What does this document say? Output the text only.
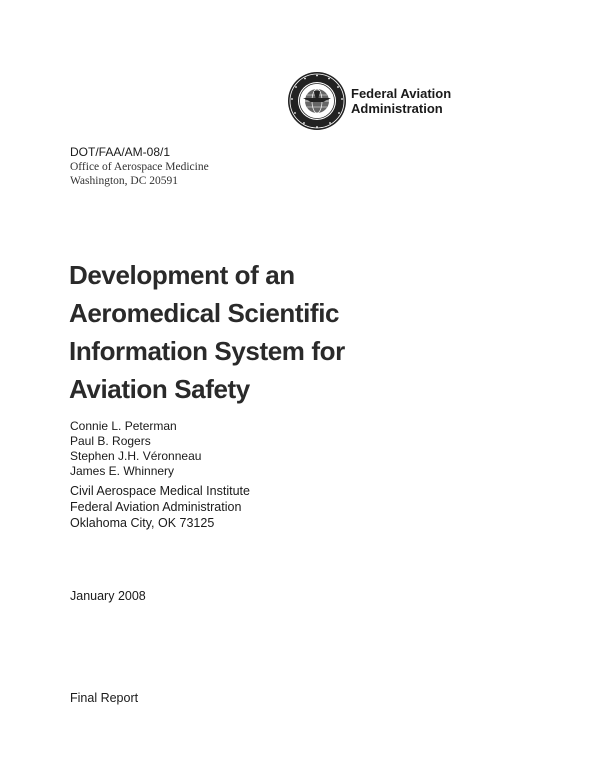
Federal Aviation
Administration
DOT/FAA/AM-08/1
Office of Aerospace Medicine
Washington, DC 20591
Development of an
Aeromedical Scientific
Information System for
Aviation Safety
Connie L. Peterman
Paul B. Rogers
Stephen J.H. Véronneau
James E. Whinnery
Civil Aerospace Medical Institute
Federal Aviation Administration
Oklahoma City, OK 73125
January 2008
Final Report
